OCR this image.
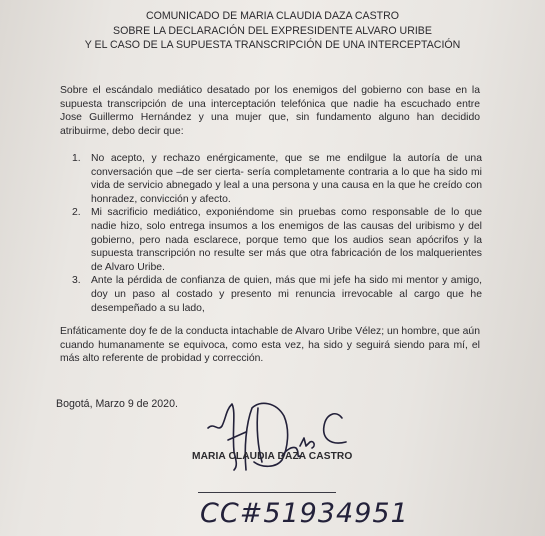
COMUNICADO DE MARIA CLAUDIA DAZA CASTRO
SOBRE LA DECLARACIÓN DEL EXPRESIDENTE ALVARO URIBE
Y EL CASO DE LA SUPUESTA TRANSCRIPCIÓN DE UNA INTERCEPTACIÓN

Sobre el escándalo mediático desatado por los enemigos del gobierno con base en la supuesta transcripción de una interceptación telefónica que nadie ha escuchado entre Jose Guillermo Hernández y una mujer que, sin fundamento alguno han decidido atribuirme, debo decir que:

1. No acepto, y rechazo enérgicamente, que se me endilgue la autoría de una conversación que –de ser cierta- sería completamente contraria a lo que ha sido mi vida de servicio abnegado y leal a una persona y una causa en la que he creído con honradez, convicción y afecto.
2. Mi sacrificio mediático, exponiéndome sin pruebas como responsable de lo que nadie hizo, solo entrega insumos a los enemigos de las causas del uribismo y del gobierno, pero nada esclarece, porque temo que los audios sean apócrifos y la supuesta transcripción no resulte ser más que otra fabricación de los malquerientes de Alvaro Uribe.
3. Ante la pérdida de confianza de quien, más que mi jefe ha sido mi mentor y amigo, doy un paso al costado y presento mi renuncia irrevocable al cargo que he desempeñado a su lado,

Enfáticamente doy fe de la conducta intachable de Alvaro Uribe Vélez; un hombre, que aún cuando humanamente se equivoca, como esta vez, ha sido y seguirá siendo para mí, el más alto referente de probidad y corrección.

Bogotá, Marzo 9 de 2020.
MARIA CLAUDIA DAZA CASTRO
CC#51934951
